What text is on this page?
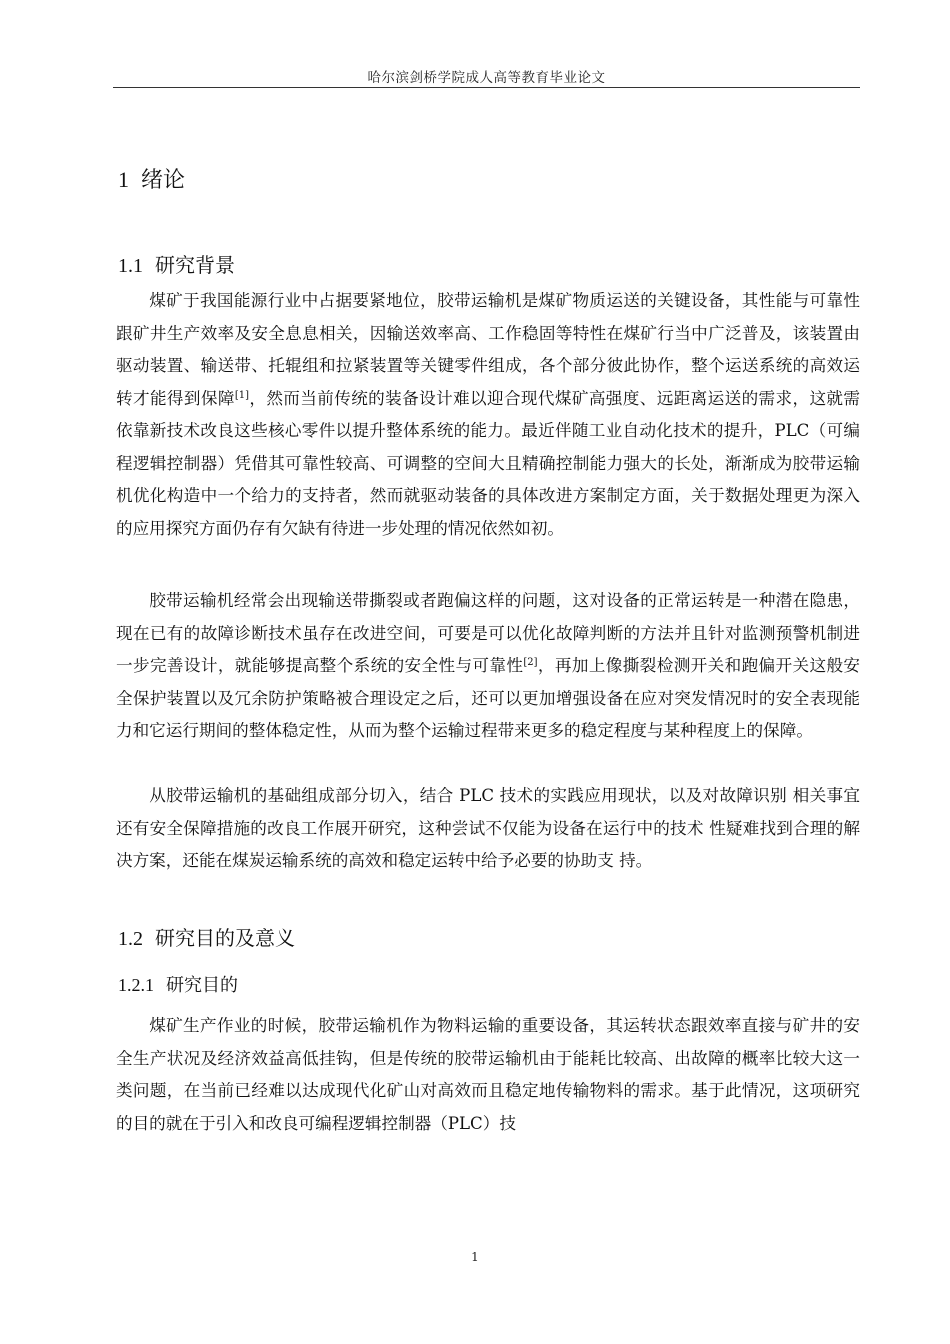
哈尔滨剑桥学院成人高等教育毕业论文
1 绪论
1.1 研究背景

煤矿于我国能源行业中占据要紧地位，胶带运输机是煤矿物质运送的关键设备，其性能与可靠性跟矿井生产效率及安全息息相关，因输送效率高、工作稳固等特性在煤矿行当中广泛普及，该装置由驱动装置、输送带、托辊组和拉紧装置等关键零件组成，各个部分彼此协作，整个运送系统的高效运转才能得到保障[1]，然而当前传统的装备设计难以迎合现代煤矿高强度、远距离运送的需求，这就需依靠新技术改良这些核心零件以提升整体系统的能力。最近伴随工业自动化技术的提升，PLC（可编程逻辑控制器）凭借其可靠性较高、可调整的空间大且精确控制能力强大的长处，渐渐成为胶带运输机优化构造中一个给力的支持者，然而就驱动装备的具体改进方案制定方面，关于数据处理更为深入的应用探究方面仍存有欠缺有待进一步处理的情况依然如初。

胶带运输机经常会出现输送带撕裂或者跑偏这样的问题，这对设备的正常运转是一种潜在隐患，现在已有的故障诊断技术虽存在改进空间，可要是可以优化故障判断的方法并且针对监测预警机制进一步完善设计，就能够提高整个系统的安全性与可靠性[2]，再加上像撕裂检测开关和跑偏开关这般安全保护装置以及冗余防护策略被合理设定之后，还可以更加增强设备在应对突发情况时的安全表现能力和它运行期间的整体稳定性，从而为整个运输过程带来更多的稳定程度与某种程度上的保障。

从胶带运输机的基础组成部分切入，结合 PLC 技术的实践应用现状，以及对故障识别 相关事宜还有安全保障措施的改良工作展开研究，这种尝试不仅能为设备在运行中的技术 性疑难找到合理的解决方案，还能在煤炭运输系统的高效和稳定运转中给予必要的协助支 持。

1.2 研究目的及意义
1.2.1 研究目的

煤矿生产作业的时候，胶带运输机作为物料运输的重要设备，其运转状态跟效率直接与矿井的安全生产状况及经济效益高低挂钩，但是传统的胶带运输机由于能耗比较高、出故障的概率比较大这一类问题，在当前已经难以达成现代化矿山对高效而且稳定地传输物料的需求。基于此情况，这项研究的目的就在于引入和改良可编程逻辑控制器（PLC）技

1
